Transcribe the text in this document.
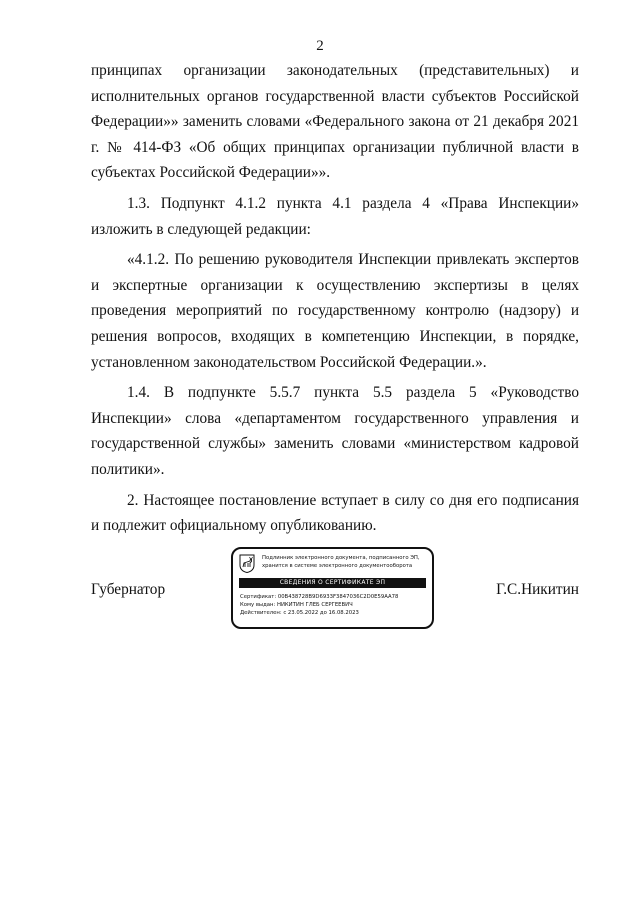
2

принципах организации законодательных (представительных) и исполнительных органов государственной власти субъектов Российской Федерации»» заменить словами «Федерального закона от 21 декабря 2021 г. № 414-ФЗ «Об общих принципах организации публичной власти в субъектах Российской Федерации»».

1.3. Подпункт 4.1.2 пункта 4.1 раздела 4 «Права Инспекции» изложить в следующей редакции:

«4.1.2. По решению руководителя Инспекции привлекать экспертов и экспертные организации к осуществлению экспертизы в целях проведения мероприятий по государственному контролю (надзору) и решения вопросов, входящих в компетенцию Инспекции, в порядке, установленном законодательством Российской Федерации.».

1.4. В подпункте 5.5.7 пункта 5.5 раздела 5 «Руководство Инспекции» слова «департаментом государственного управления и государственной службы» заменить словами «министерством кадровой политики».

2. Настоящее постановление вступает в силу со дня его подписания и подлежит официальному опубликованию.

Губернатор	Г.С.Никитин
Подлинник электронного документа, подписанного ЭП,
хранится в системе электронного документооборота
СВЕДЕНИЯ О СЕРТИФИКАТЕ ЭП
Сертификат: 00B438728B9D6933F3847036C2D0E59AA78
Кому выдан: НИКИТИН ГЛЕБ СЕРГЕЕВИЧ
Действителен: с 23.05.2022 до 16.08.2023
